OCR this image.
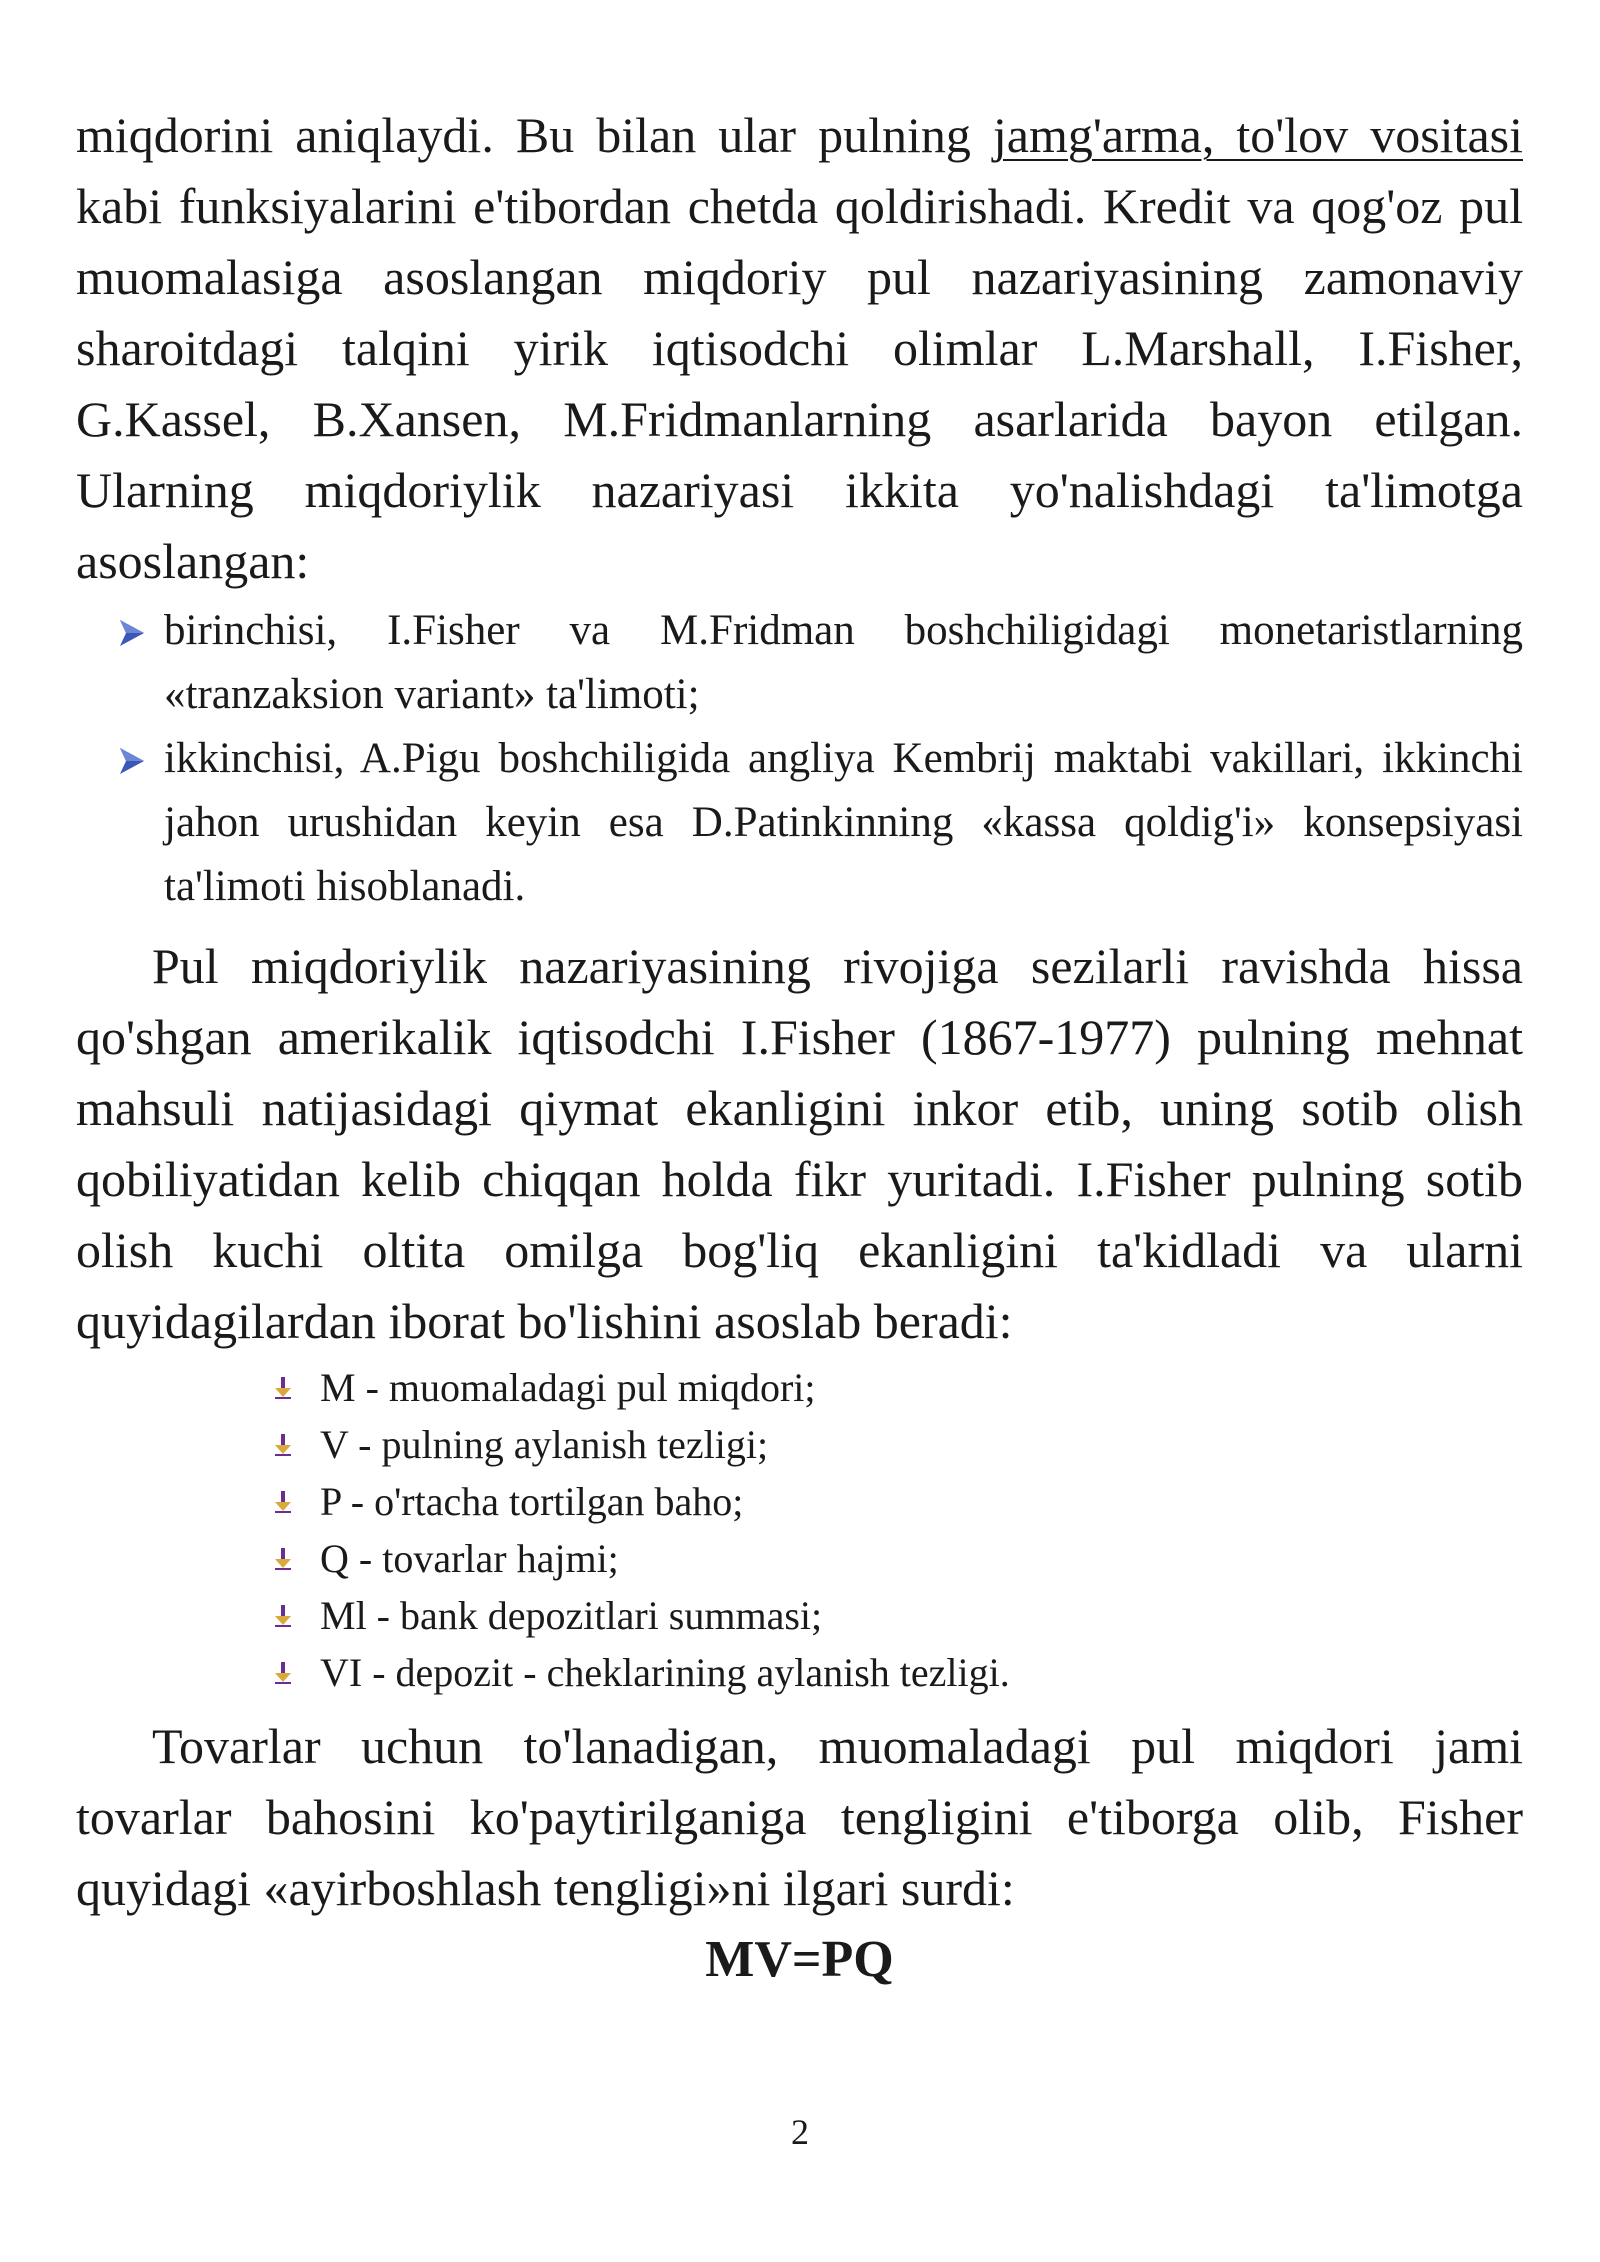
miqdorini aniqlaydi. Bu bilan ular pulning jamg'arma, to'lov vositasi kabi funksiyalarini e'tibordan chetda qoldirishadi. Kredit va qog'oz pul muomalasiga asoslangan miqdoriy pul nazariyasining zamonaviy sharoitdagi talqini yirik iqtisodchi olimlar L.Marshall, I.Fisher, G.Kassel, B.Xansen, M.Fridmanlarning asarlarida bayon etilgan. Ularning miqdoriylik nazariyasi ikkita yo'nalishdagi ta'limotga asoslangan:

birinchisi, I.Fisher va M.Fridman boshchiligidagi monetaristlarning «tranzaksion variant» ta'limoti;
ikkinchisi, A.Pigu boshchiligida angliya Kembrij maktabi vakillari, ikkinchi jahon urushidan keyin esa D.Patinkinning «kassa qoldig'i» konsepsiyasi ta'limoti hisoblanadi.

Pul miqdoriylik nazariyasining rivojiga sezilarli ravishda hissa qo'shgan amerikalik iqtisodchi I.Fisher (1867-1977) pulning mehnat mahsuli natijasidagi qiymat ekanligini inkor etib, uning sotib olish qobiliyatidan kelib chiqqan holda fikr yuritadi. I.Fisher pulning sotib olish kuchi oltita omilga bog'liq ekanligini ta'kidladi va ularni quyidagilardan iborat bo'lishini asoslab beradi:

M - muomaladagi pul miqdori;
V - pulning aylanish tezligi;
P - o'rtacha tortilgan baho;
Q - tovarlar hajmi;
Ml - bank depozitlari summasi;
VI - depozit - cheklarining aylanish tezligi.

Tovarlar uchun to'lanadigan, muomaladagi pul miqdori jami tovarlar bahosini ko'paytirilganiga tengligini e'tiborga olib, Fisher quyidagi «ayirboshlash tengligi»ni ilgari surdi:

MV=PQ
2
